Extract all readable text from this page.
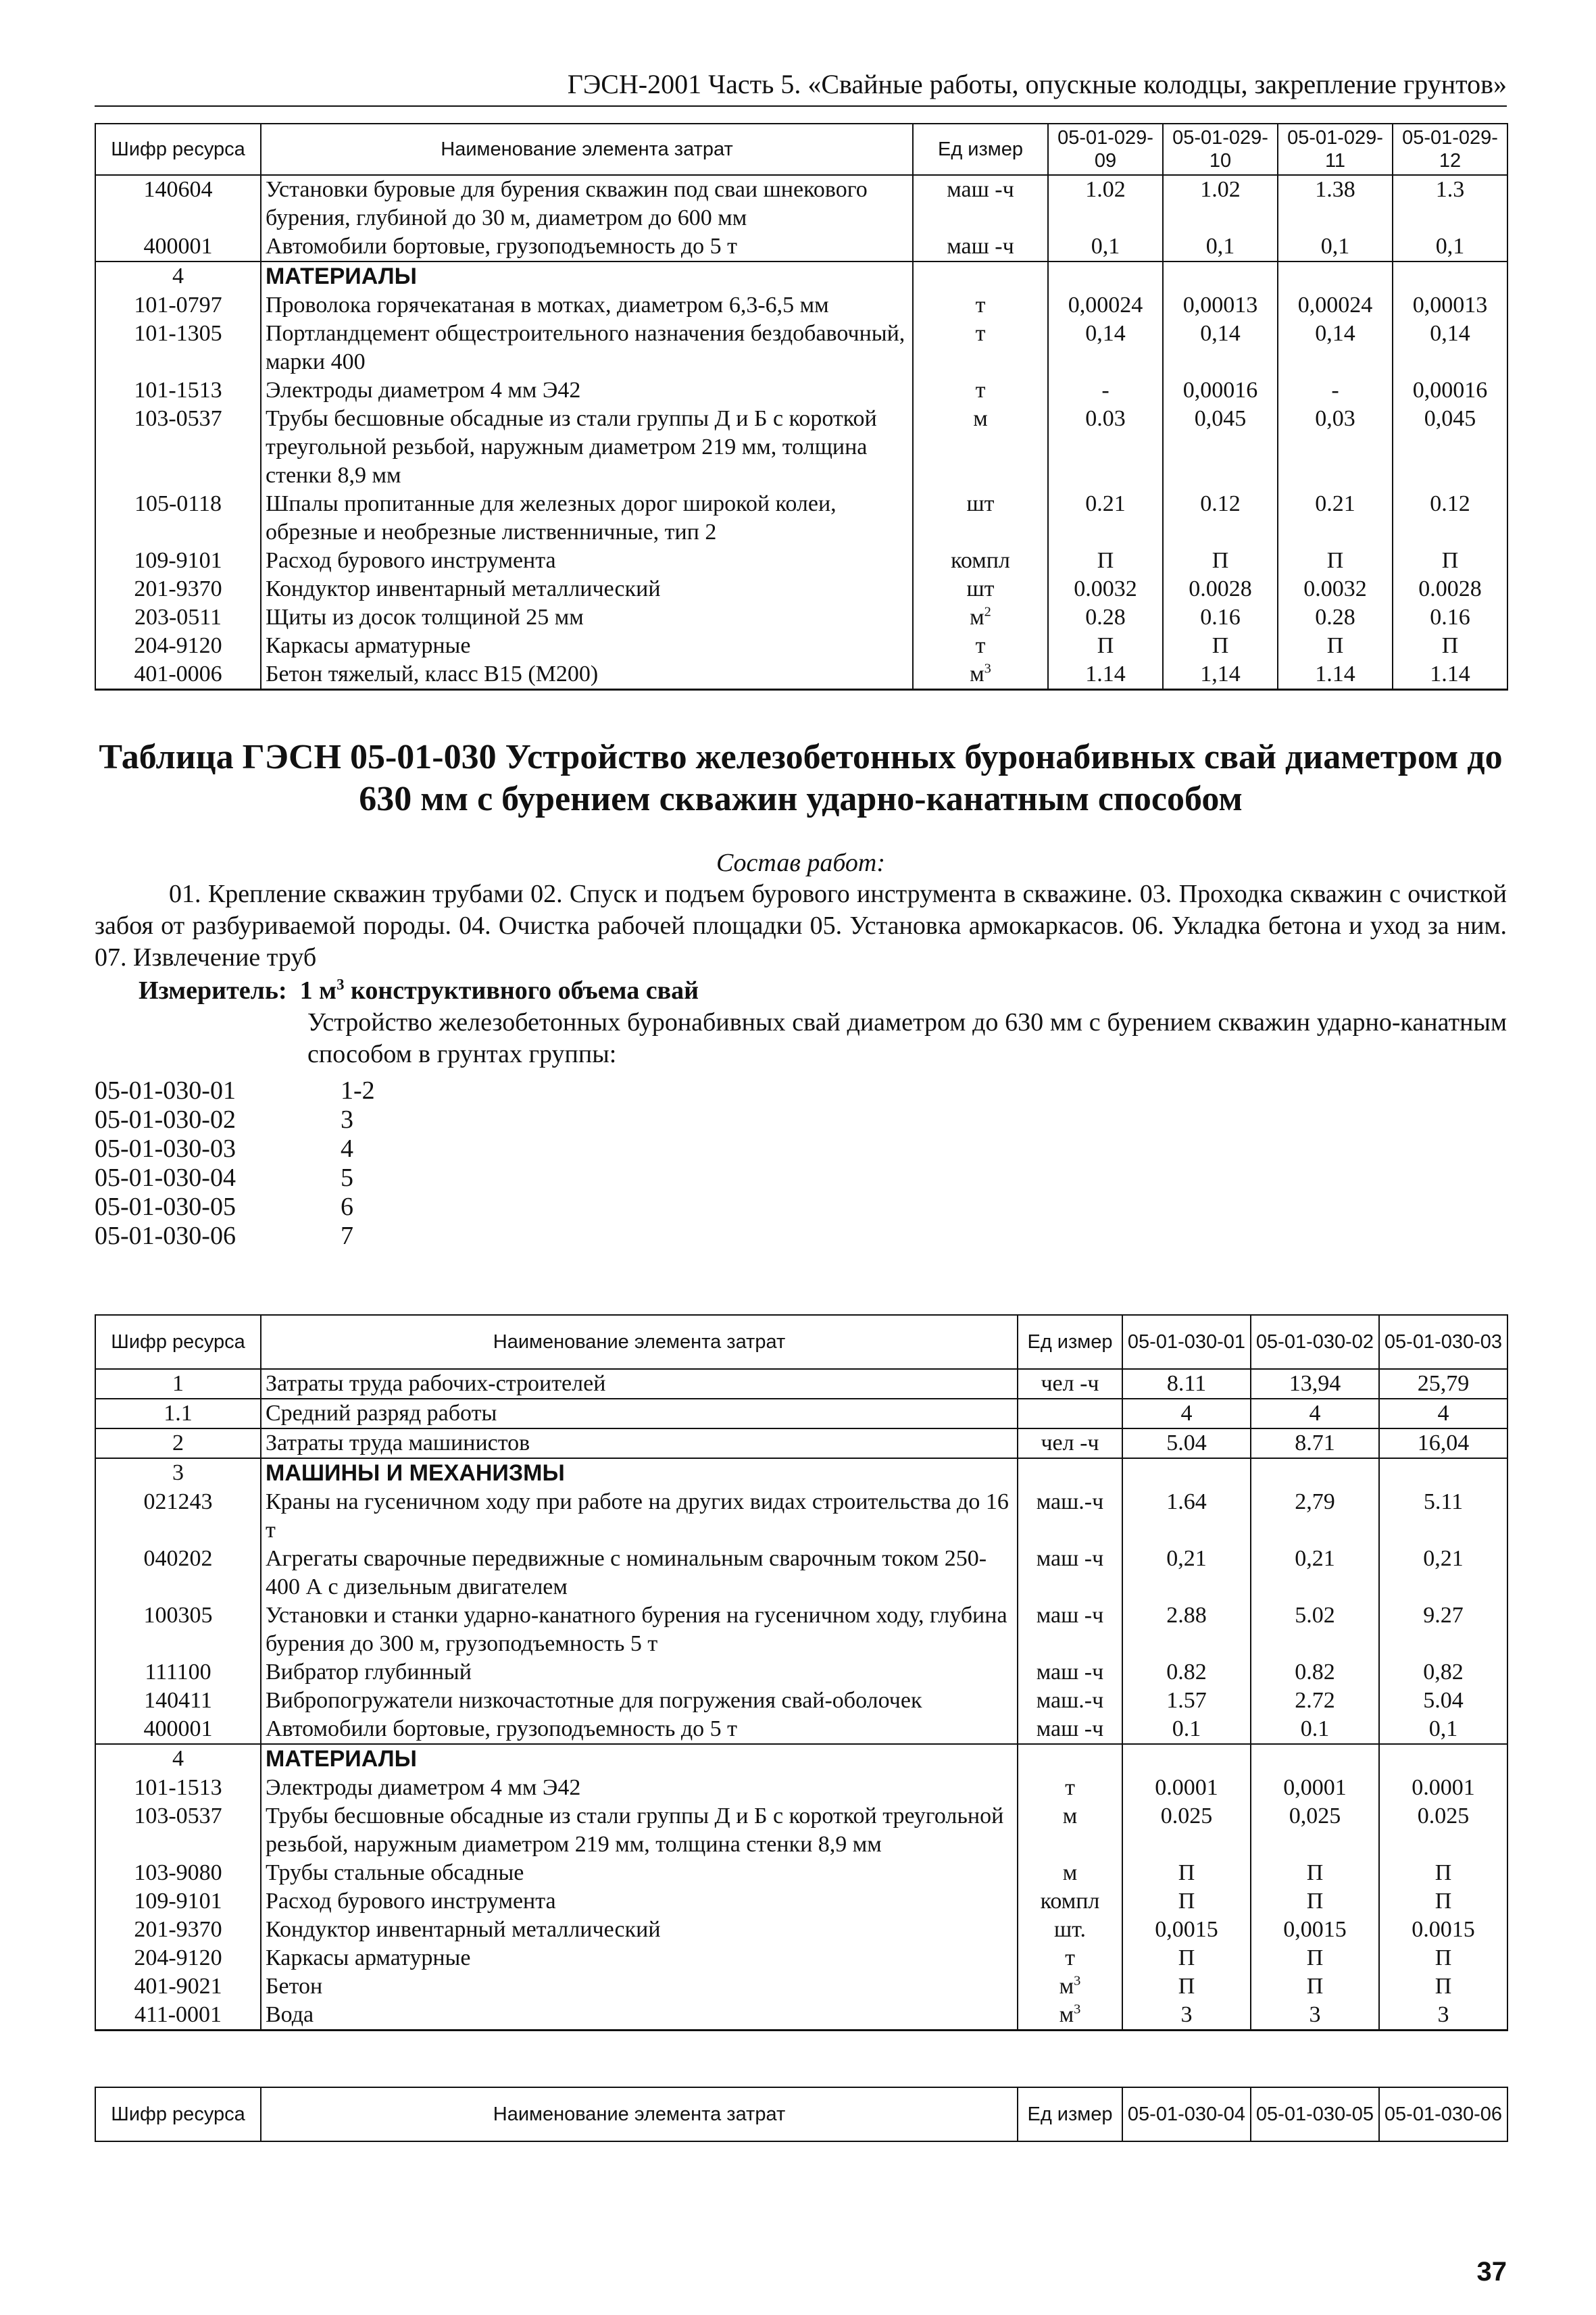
ГЭСН-2001 Часть 5. «Свайные работы, опускные колодцы, закрепление грунтов»
Шифр ресурса	Наименование элемента затрат	Ед измер	05-01-029-09	05-01-029-10	05-01-029-11	05-01-029-12
140604	Установки буровые для бурения скважин под сваи шнекового бурения, глубиной до 30 м, диаметром до 600 мм	маш -ч	1.02	1.02	1.38	1.3
400001	Автомобили бортовые, грузоподъемность до 5 т	маш -ч	0,1	0,1	0,1	0,1
4	МАТЕРИАЛЫ					
101-0797	Проволока горячекатаная в мотках, диаметром 6,3-6,5 мм	т	0,00024	0,00013	0,00024	0,00013
101-1305	Портландцемент общестроительного назначения бездобавочный, марки 400	т	0,14	0,14	0,14	0,14
101-1513	Электроды диаметром 4 мм Э42	т	-	0,00016	-	0,00016
103-0537	Трубы бесшовные обсадные из стали группы Д и Б с короткой треугольной резьбой, наружным диаметром 219 мм, толщина стенки 8,9 мм	м	0.03	0,045	0,03	0,045
105-0118	Шпалы пропитанные для железных дорог широкой колеи, обрезные и необрезные лиственничные, тип 2	шт	0.21	0.12	0.21	0.12
109-9101	Расход бурового инструмента	компл	П	П	П	П
201-9370	Кондуктор инвентарный металлический	шт	0.0032	0.0028	0.0032	0.0028
203-0511	Щиты из досок толщиной 25 мм	$м^2$	0.28	0.16	0.28	0.16
204-9120	Каркасы арматурные	т	П	П	П	П
401-0006	Бетон тяжелый, класс В15 (М200)	$м^3$	1.14	1,14	1.14	1.14
Таблица ГЭСН 05-01-030 Устройство железобетонных буронабивных свай диаметром до 630 мм с бурением скважин ударно-канатным способом
Состав работ:
01. Крепление скважин трубами 02. Спуск и подъем бурового инструмента в скважине. 03. Проходка скважин с очисткой забоя от разбуриваемой породы. 04. Очистка рабочей площадки 05. Установка армокаркасов. 06. Укладка бетона и уход за ним. 07. Извлечение труб
Измеритель: 1 $м^3$ конструктивного объема свай
Устройство железобетонных буронабивных свай диаметром до 630 мм с бурением скважин ударно-канатным способом в грунтах группы:
05-01-030-01	1-2
05-01-030-02	3
05-01-030-03	4
05-01-030-04	5
05-01-030-05	6
05-01-030-06	7
Шифр ресурса	Наименование элемента затрат	Ед измер	05-01-030-01	05-01-030-02	05-01-030-03
1	Затраты труда рабочих-строителей	чел -ч	8.11	13,94	25,79
1.1	Средний разряд работы		4	4	4
2	Затраты труда машинистов	чел -ч	5.04	8.71	16,04
3	МАШИНЫ И МЕХАНИЗМЫ				
021243	Краны на гусеничном ходу при работе на других видах строительства до 16 т	маш.-ч	1.64	2,79	5.11
040202	Агрегаты сварочные передвижные с номинальным сварочным током 250-400 А с дизельным двигателем	маш -ч	0,21	0,21	0,21
100305	Установки и станки ударно-канатного бурения на гусеничном ходу, глубина бурения до 300 м, грузоподъемность 5 т	маш -ч	2.88	5.02	9.27
111100	Вибратор глубинный	маш -ч	0.82	0.82	0,82
140411	Вибропогружатели низкочастотные для погружения свай-оболочек	маш.-ч	1.57	2.72	5.04
400001	Автомобили бортовые, грузоподъемность до 5 т	маш -ч	0.1	0.1	0,1
4	МАТЕРИАЛЫ				
101-1513	Электроды диаметром 4 мм Э42	т	0.0001	0,0001	0.0001
103-0537	Трубы бесшовные обсадные из стали группы Д и Б с короткой треугольной резьбой, наружным диаметром 219 мм, толщина стенки 8,9 мм	м	0.025	0,025	0.025
103-9080	Трубы стальные обсадные	м	П	П	П
109-9101	Расход бурового инструмента	компл	П	П	П
201-9370	Кондуктор инвентарный металлический	шт.	0,0015	0,0015	0.0015
204-9120	Каркасы арматурные	т	П	П	П
401-9021	Бетон	$м^3$	П	П	П
411-0001	Вода	$м^3$	3	3	3
Шифр ресурса	Наименование элемента затрат	Ед измер	05-01-030-04	05-01-030-05	05-01-030-06
37
